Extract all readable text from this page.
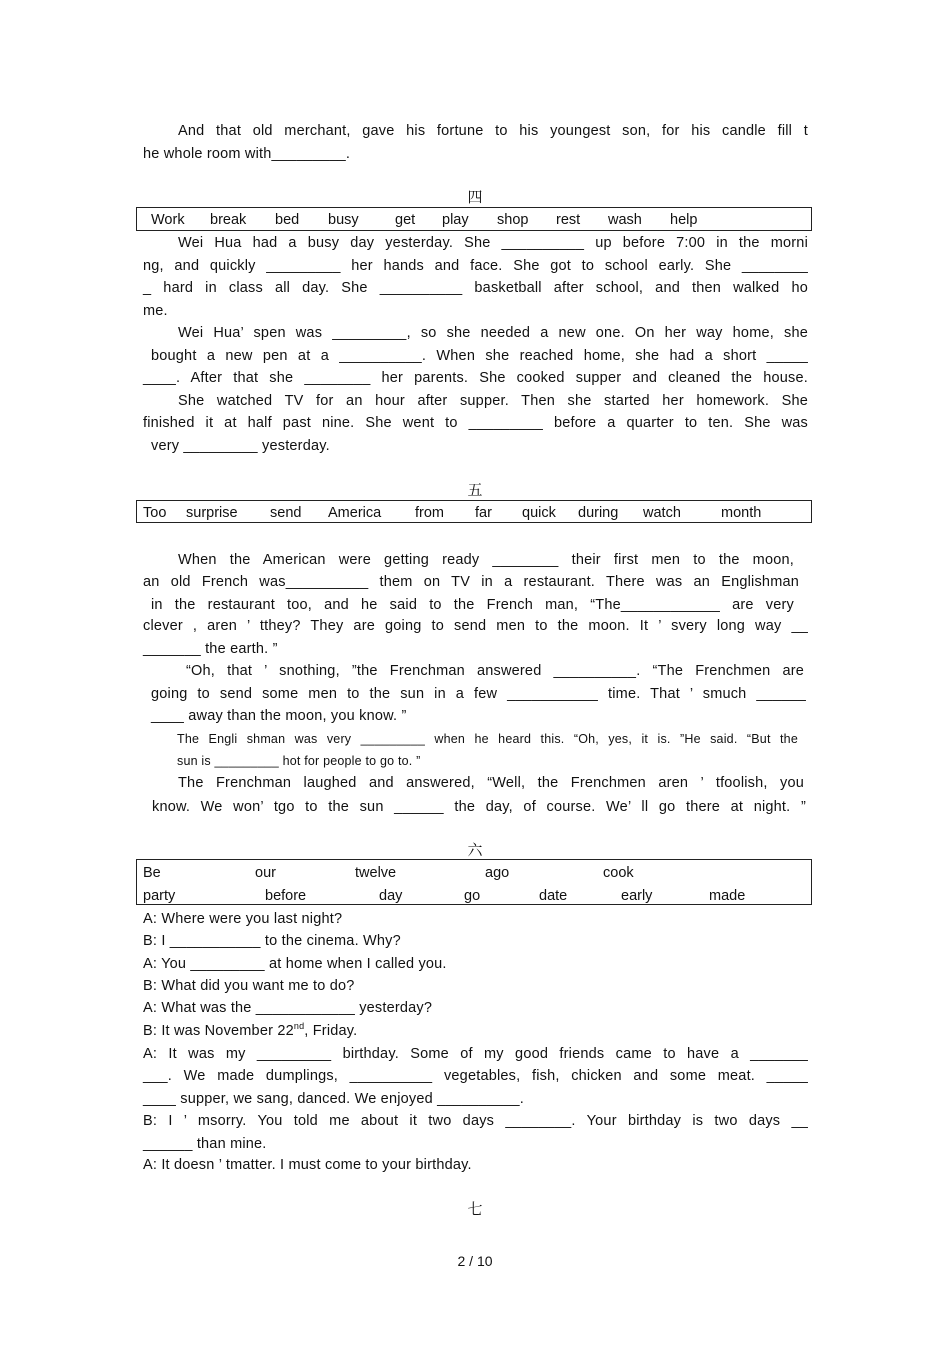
And that old merchant, gave his fortune to his youngest son, for his candle fill t
he whole room with_________.
四
Work break bed busy	get play shop rest wash help
Wei Hua had a busy day yesterday. She __________ up before 7:00 in the morni
ng, and quickly _________ her hands and face. She got to school early. She ________
_ hard in class all day. She __________ basketball after school, and then walked ho
me.
Wei Hua’ spen was _________, so she needed a new one. On her way home, she
bought a new pen at a __________. When she reached home, she had a short _____
____. After that she ________ her parents. She cooked supper and cleaned the house.
She watched TV for an hour after supper. Then she started her homework. She
finished it at half past nine. She went to _________ before a quarter to ten. She was
very _________ yesterday.
五
Too surprise send America from far quick during watch	month
When the American were getting ready ________ their first men to the moon,
an old French was__________ them on TV in a restaurant. There was an Englishman
in the restaurant too, and he said to the French man, “The____________ are very
clever , aren ’ tthey? They are going to send men to the moon. It ’ svery long way __
_______ the earth. ”
“Oh, that ’ snothing, ”the Frenchman answered __________. “The Frenchmen are
going to send some men to the sun in a few ___________ time. That ’ smuch ______
____ away than the moon, you know. ”
The Engli shman was very _________ when he heard this. “Oh, yes, it is. ”He said. “But the
sun is _________ hot for people to go to. ”
The Frenchman laughed and answered, “Well, the Frenchmen aren ’ tfoolish, you
know. We won’ tgo to the sun ______ the day, of course. We’ ll go there at night. ”
六
Be	our	twelve	ago	cook
party	before	day	go	date	early	made
A: Where were you last night?
B: I ___________ to the cinema. Why?
A: You _________ at home when I called you.
B: What did you want me to do?
A: What was the ____________ yesterday?
B: It was November 22nd, Friday.
A: It was my _________ birthday. Some of my good friends came to have a _______
___. We made dumplings, __________ vegetables, fish, chicken and some meat. _____
____ supper, we sang, danced. We enjoyed __________.
B: I ’ msorry. You told me about it two days ________. Your birthday is two days __
______ than mine.
A: It doesn ’ tmatter. I must come to your birthday.
七
2 / 10
